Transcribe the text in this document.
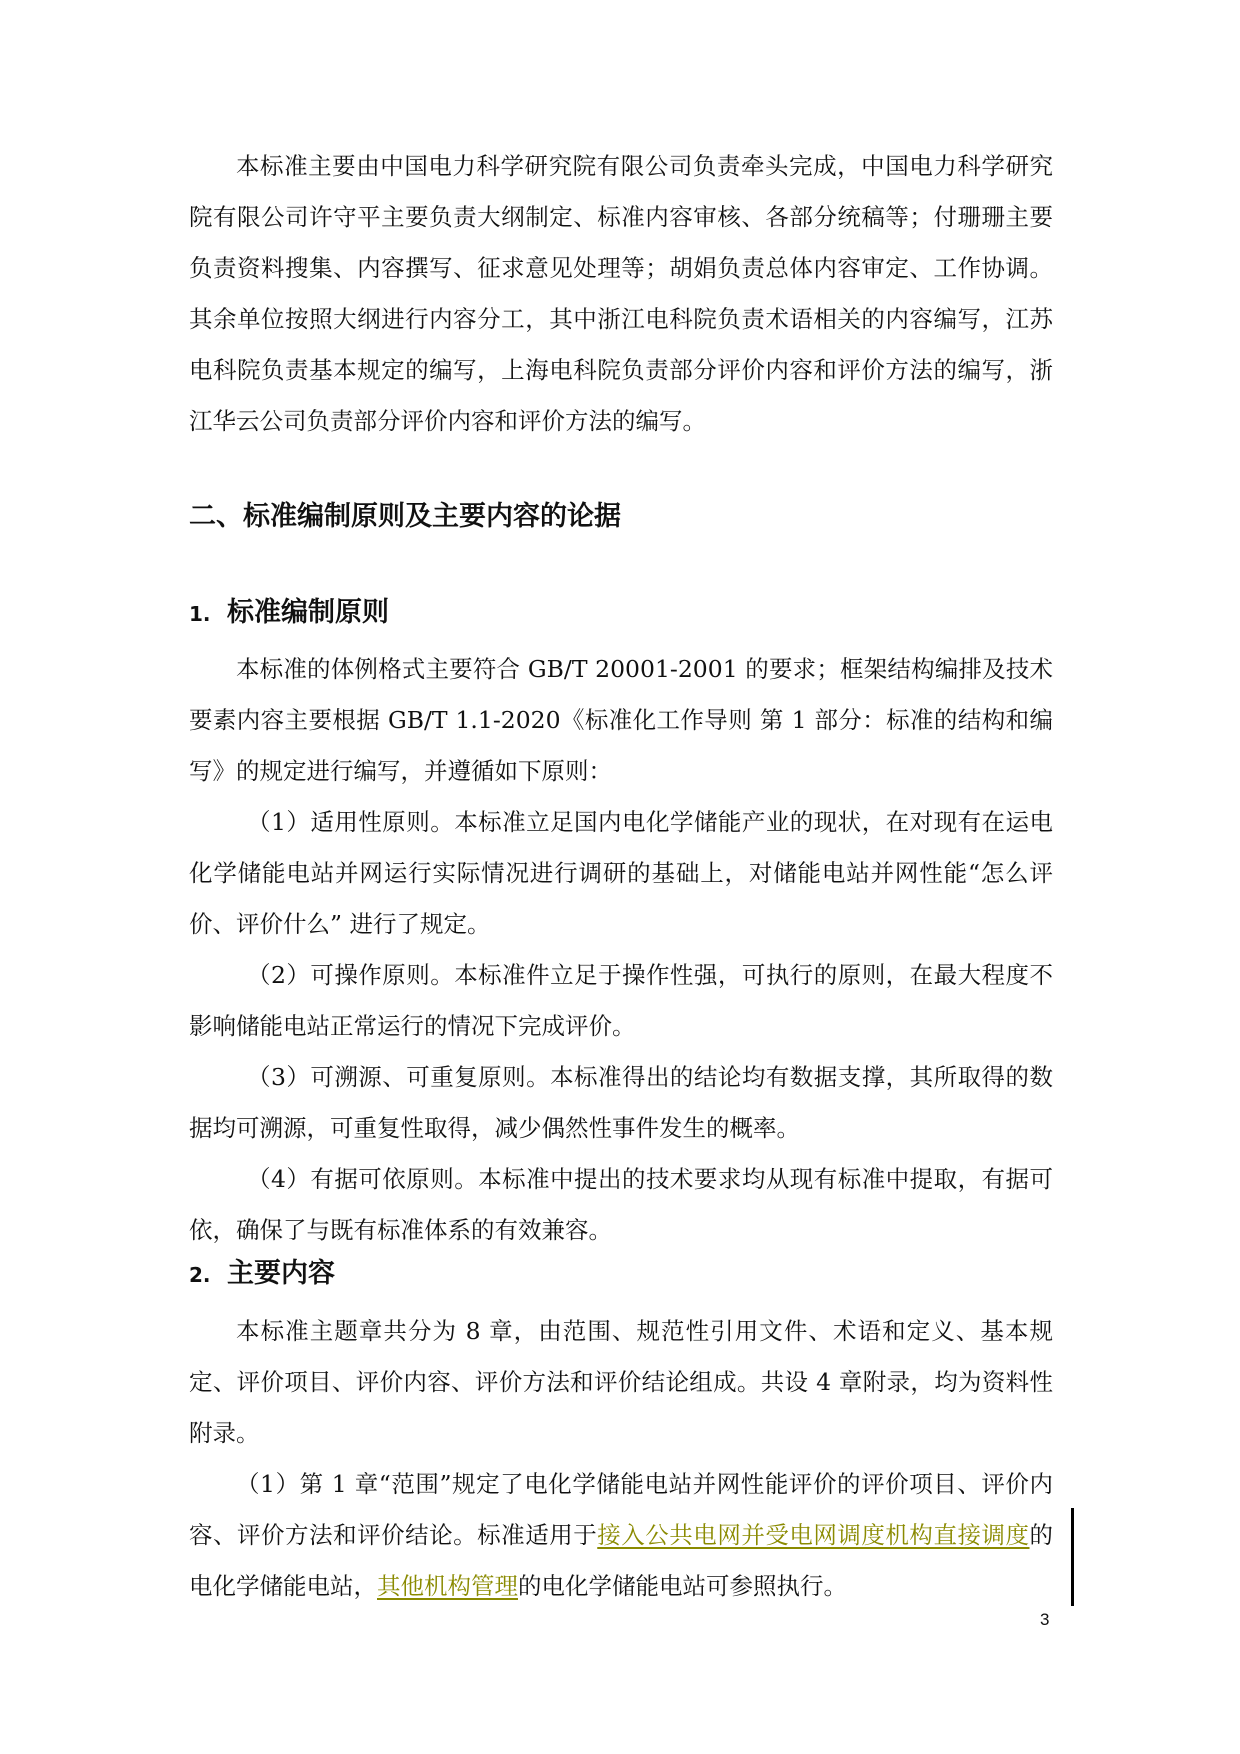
本标准主要由中国电力科学研究院有限公司负责牵头完成，中国电力科学研究院有限公司许守平主要负责大纲制定、标准内容审核、各部分统稿等；付珊珊主要负责资料搜集、内容撰写、征求意见处理等；胡娟负责总体内容审定、工作协调。其余单位按照大纲进行内容分工，其中浙江电科院负责术语相关的内容编写，江苏电科院负责基本规定的编写，上海电科院负责部分评价内容和评价方法的编写，浙江华云公司负责部分评价内容和评价方法的编写。

二、标准编制原则及主要内容的论据
1. 标准编制原则

本标准的体例格式主要符合 GB/T 20001-2001 的要求；框架结构编排及技术要素内容主要根据 GB/T 1.1-2020《标准化工作导则 第 1 部分：标准的结构和编写》的规定进行编写，并遵循如下原则：

（1）适用性原则。本标准立足国内电化学储能产业的现状，在对现有在运电化学储能电站并网运行实际情况进行调研的基础上，对储能电站并网性能“怎么评价、评价什么” 进行了规定。

（2）可操作原则。本标准件立足于操作性强，可执行的原则，在最大程度不影响储能电站正常运行的情况下完成评价。

（3）可溯源、可重复原则。本标准得出的结论均有数据支撑，其所取得的数据均可溯源，可重复性取得，减少偶然性事件发生的概率。

（4）有据可依原则。本标准中提出的技术要求均从现有标准中提取，有据可依，确保了与既有标准体系的有效兼容。

2. 主要内容

本标准主题章共分为 8 章，由范围、规范性引用文件、术语和定义、基本规定、评价项目、评价内容、评价方法和评价结论组成。共设 4 章附录，均为资料性附录。

（1）第 1 章“范围”规定了电化学储能电站并网性能评价的评价项目、评价内容、评价方法和评价结论。标准适用于接入公共电网并受电网调度机构直接调度的电化学储能电站，其他机构管理的电化学储能电站可参照执行。

3
